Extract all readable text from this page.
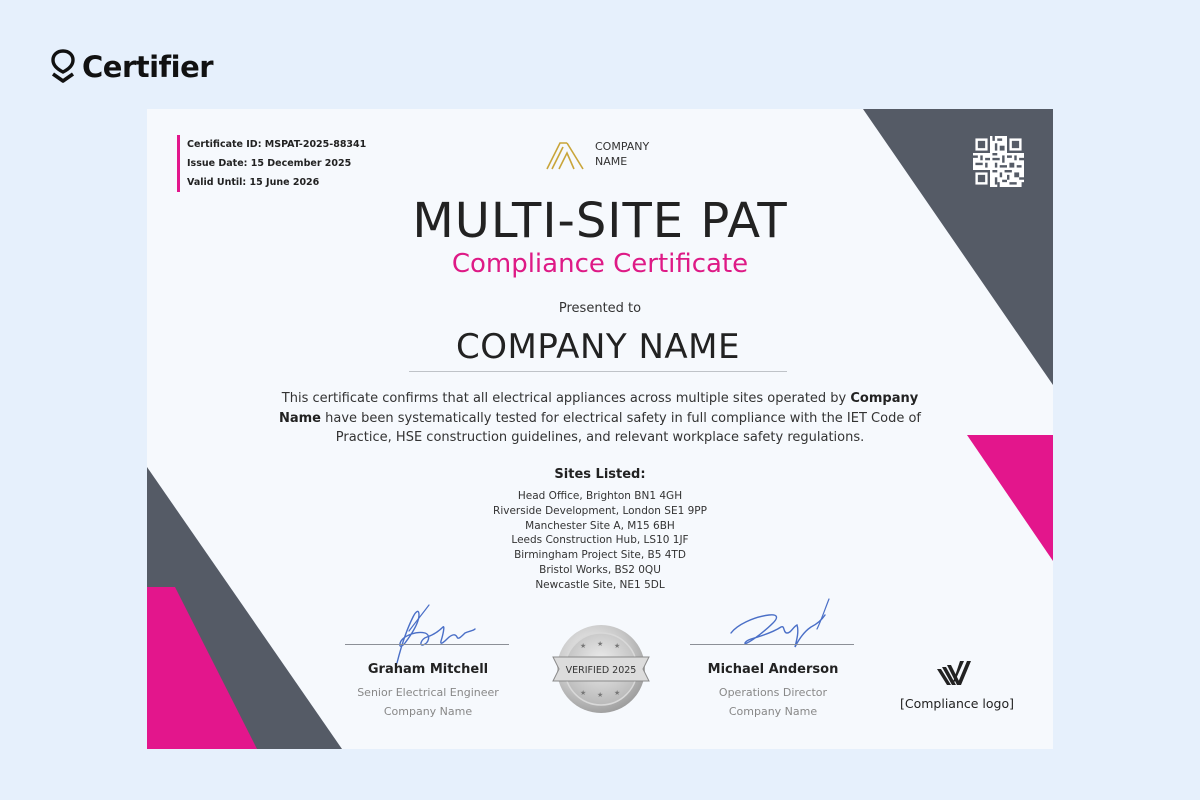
Certifier
Certificate ID: MSPAT-2025-88341
Issue Date: 15 December 2025
Valid Until: 15 June 2026
COMPANY
NAME
MULTI-SITE PAT
Compliance Certificate
Presented to
COMPANY NAME
This certificate confirms that all electrical appliances across multiple sites operated by Company Name have been systematically tested for electrical safety in full compliance with the IET Code of Practice, HSE construction guidelines, and relevant workplace safety regulations.
Sites Listed:
Head Office, Brighton BN1 4GH
Riverside Development, London SE1 9PP
Manchester Site A, M15 6BH
Leeds Construction Hub, LS10 1JF
Birmingham Project Site, B5 4TD
Bristol Works, BS2 0QU
Newcastle Site, NE1 5DL
Graham Mitchell
Senior Electrical Engineer
Company Name
Michael Anderson
Operations Director
Company Name
★ ★ ★
★ ★ ★
VERIFIED 2025
[Compliance logo]
